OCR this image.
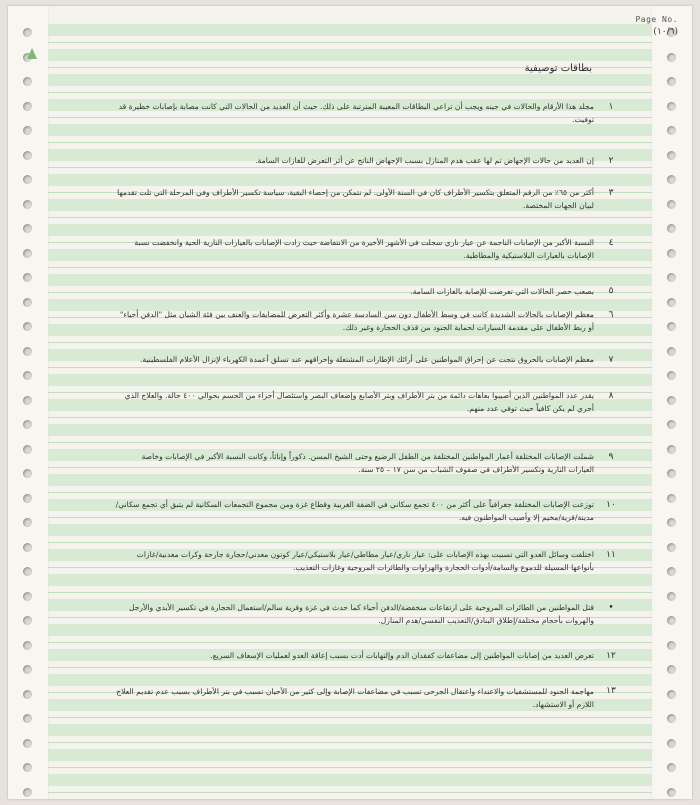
Page No.
(١٠/٦)
بطاقات توصيفية
١
مجلد هذا الأرقام والحالات في جينه ويجب أن تراعي البطاقات المعيبة المترتبة على ذلك. حيث أن العديد من الحالات التي كانت مصابة بإصابات خطيرة قد توفيت.
٢
إن العديد من حالات الإجهاض تم لها عقب هدم المنازل بسبب الإجهاض الناتج عن أثر التعرض للغازات السامة.
٣
أكثر من ٦٥٪ من الرقم المتعلق بتكسير الأطراف كان في السنة الأولى. لم نتمكن من إحصاء البقية، سياسة تكسير الأطراف وفي المرحلة التي تلت تقدمها لبيان الجهات المختصة.
٤
النسبة الأكبر من الإصابات الناجمة عن عيار ناري سجلت في الأشهر الأخيرة من الانتفاضة حيث زادت الإصابات بالعيارات النارية الحية وانخفضت نسبة الإصابات بالعيارات البلاستيكية والمطاطية.
٥
بصعب حصر الحالات التي تعرضت للإصابة بالغازات السامة.
٦
معظم الإصابات بالحالات الشديدة كانت في وسط الأطفال دون سن السادسة عشرة وأكثر التعرض للمضايقات والعنف بين فئة الشبان مثل "الدفن أحياء" أو ربط الأطفال على مقدمة السيارات لحماية الجنود من قذف الحجارة وغير ذلك.
٧
معظم الإصابات بالحروق نتجت عن إحراق المواطنين على أرائك الإطارات المشتعلة وإحراقهم عند تسلق أعمدة الكهرباء لإنزال الأعلام الفلسطينية.
٨
يقدر عدد المواطنين الذين أصيبوا بعاهات دائمة من بتر الأطراف وبتر الأصابع وإضعاف البصر واستئصال أجزاء من الجسم بحوالي ٤٠٠ حالة. والعلاج الذي أجري لم يكن كافياً حيث توفي عدد منهم.
٩
شملت الإصابات المختلفة أعمار المواطنين المختلفة من الطفل الرضيع وحتى الشيخ المسن. ذكوراً وإناثاً، وكانت النسبة الأكبر في الإصابات وخاصة العيارات النارية وتكسير الأطراف في صفوف الشباب من سن ١٧ – ٢٥ سنة.
١٠
توزعت الإصابات المختلفة جغرافياً على أكثر من ٤٠٠ تجمع سكاني في الضفة الغربية وقطاع غزة ومن مجموع التجمعات السكانية لم يتبق أي تجمع سكاني/مدينة/قرية/مخيم إلا وأصيب المواطنون فيه.
١١
اختلفت وسائل العدو التي تسببت بهذه الإصابات على: عيار ناري/عيار مطاطي/عيار بلاستيكي/عيار كوتون معدني/حجارة جارحة وكرات معدنية/غازات بأنواعها المسيلة للدموع والسامة/أدوات الحجارة والهراوات والطائرات المروحية وغازات التعذيب.
•
قتل المواطنين من الطائرات المروحية على ارتفاعات منخفضة/الدفن أحياء كما حدث في غزة وقرية سالم/استعمال الحجارة في تكسير الأيدي والأرجل والهروات بأحجام مختلفة/إطلاق البنادق/التعذيب النفسي/هدم المنازل.
١٢
تعرض العديد من إصابات المواطنين إلى مضاعفات كفقدان الدم وإلتهابات أدت بسبب إعاقة العدو لعمليات الإسعاف السريع.
١٣
مهاجمة الجنود للمستشفيات والاعتداء واعتقال الجرحى تسبب في مضاعفات الإصابة وإلى كثير من الأحيان تسبب في بتر الأطراف بسبب عدم تقديم العلاج اللازم أو الاستشهاد.
